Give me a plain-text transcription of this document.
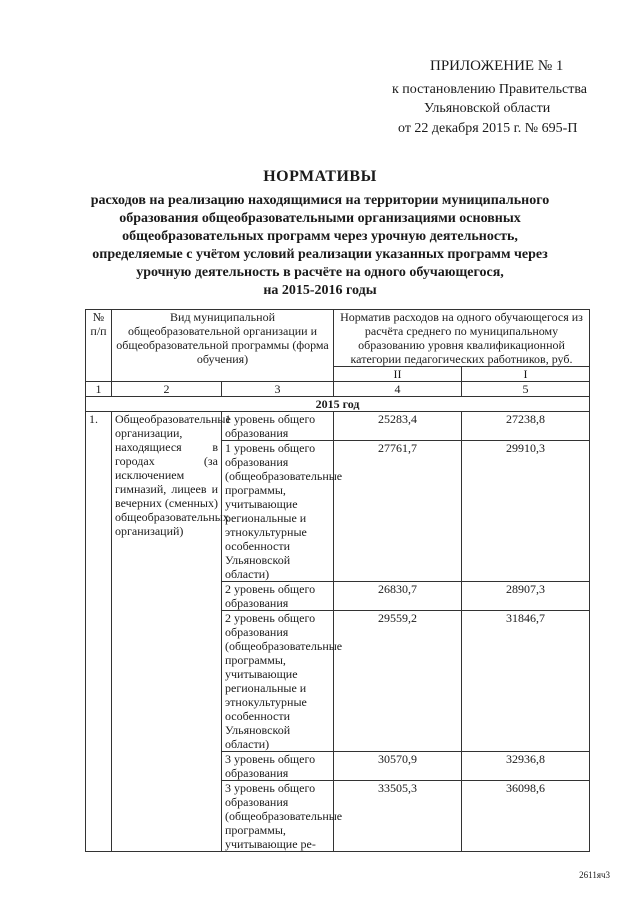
ПРИЛОЖЕНИЕ № 1
к постановлению Правительства
Ульяновской области
от 22 декабря 2015 г. № 695-П
НОРМАТИВЫ
расходов на реализацию находящимися на территории муниципального
образования общеобразовательными организациями основных
общеобразовательных программ через урочную деятельность,
определяемые с учётом условий реализации указанных программ через
урочную деятельность в расчёте на одного обучающегося,
на 2015-2016 годы
№ п/п	Вид муниципальной общеобразовательной организации и общеобразовательной программы (форма обучения)		Норматив расходов на одного обучающегося из расчёта среднего по муниципальному образованию уровня квалификационной категории педагогических работников, руб.	
			II	I
1	2	3	4	5
2015 год				
1.	Общеобразовательные организации, находящиеся в городах (за исключением гимназий, лицеев и вечерних (сменных) общеобразовательных организаций)	1 уровень общего образования	25283,4	27238,8
		1 уровень общего образования (общеобразовательные программы, учитывающие региональные и этнокультурные особенности Ульяновской области)	27761,7	29910,3
		2 уровень общего образования	26830,7	28907,3
		2 уровень общего образования (общеобразовательные программы, учитывающие региональные и этнокультурные особенности Ульяновской области)	29559,2	31846,7
		3 уровень общего образования	30570,9	32936,8
		3 уровень общего образования (общеобразовательные программы, учитывающие ре-	33505,3	36098,6
2611яч3
